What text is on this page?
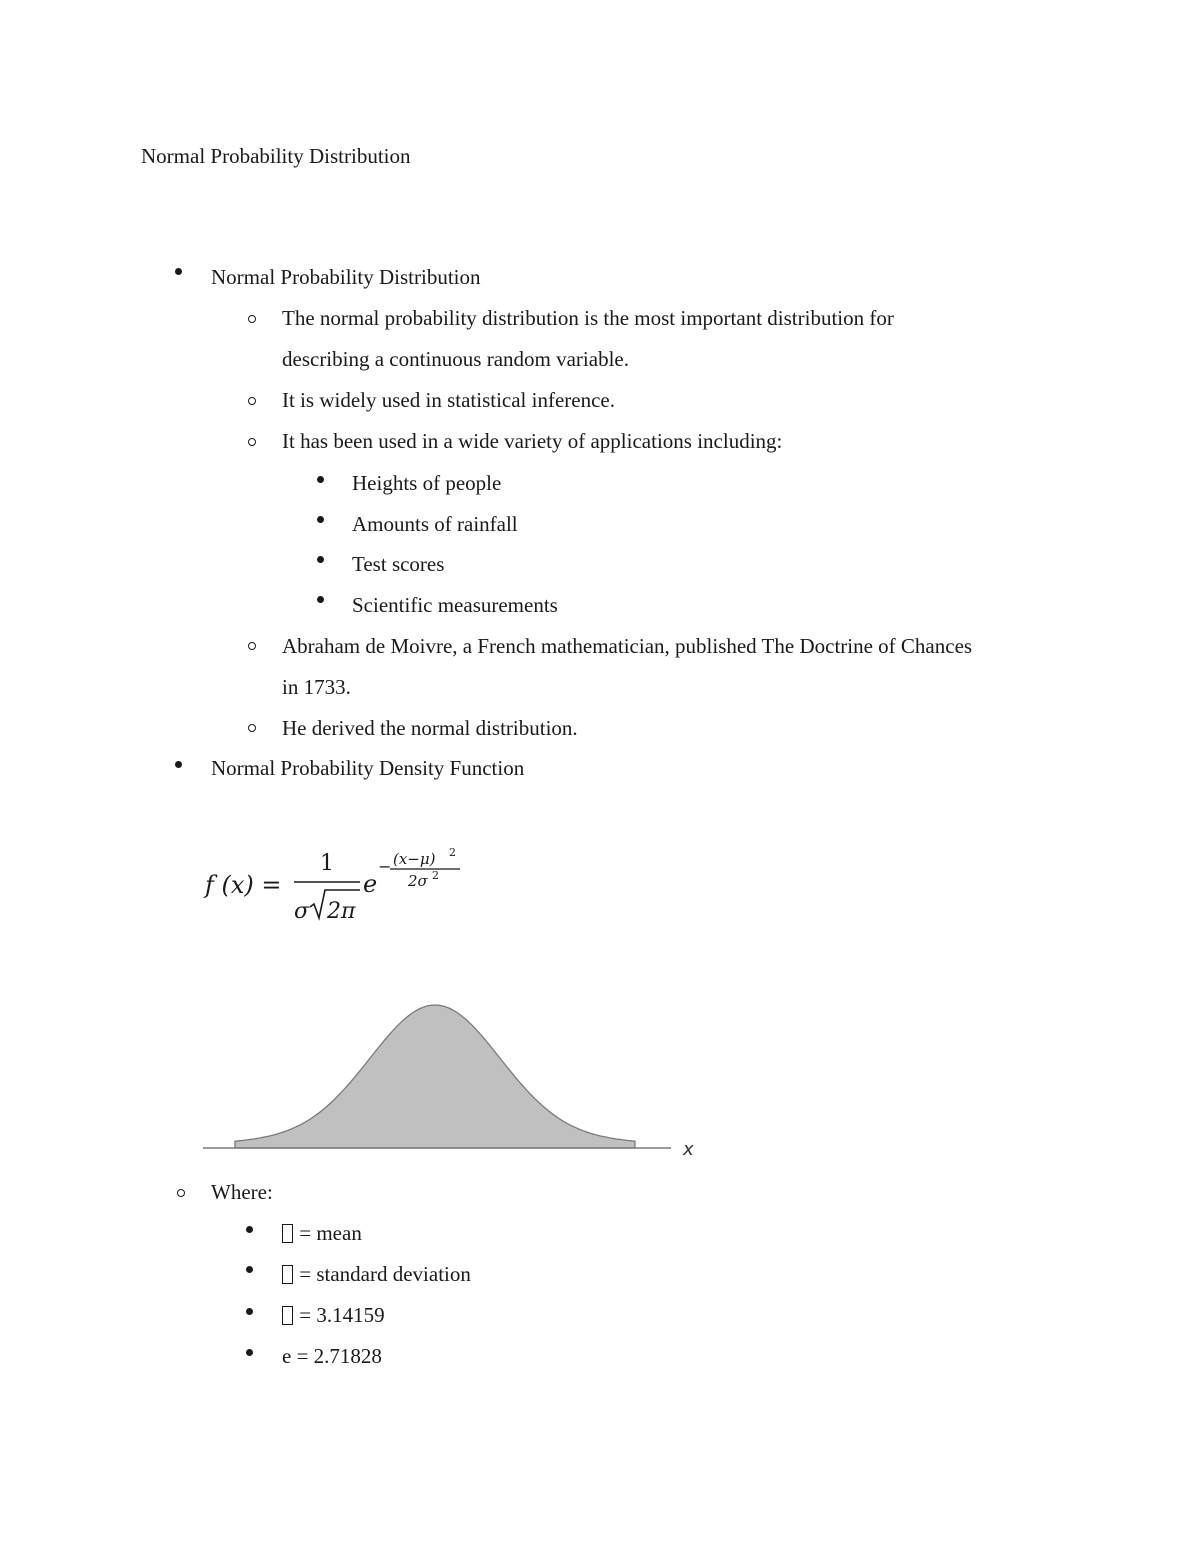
Normal Probability Distribution
Normal Probability Distribution
The normal probability distribution is the most important distribution for
describing a continuous random variable.
It is widely used in statistical inference.
It has been used in a wide variety of applications including:
Heights of people
Amounts of rainfall
Test scores
Scientific measurements
Abraham de Moivre, a French mathematician, published The Doctrine of Chances
in 1733.
He derived the normal distribution.
Normal Probability Density Function
f (x) =
1
σ 2π
e
− (x−μ) 2
2σ 2
x
Where:
= mean
= standard deviation
= 3.14159
e = 2.71828
